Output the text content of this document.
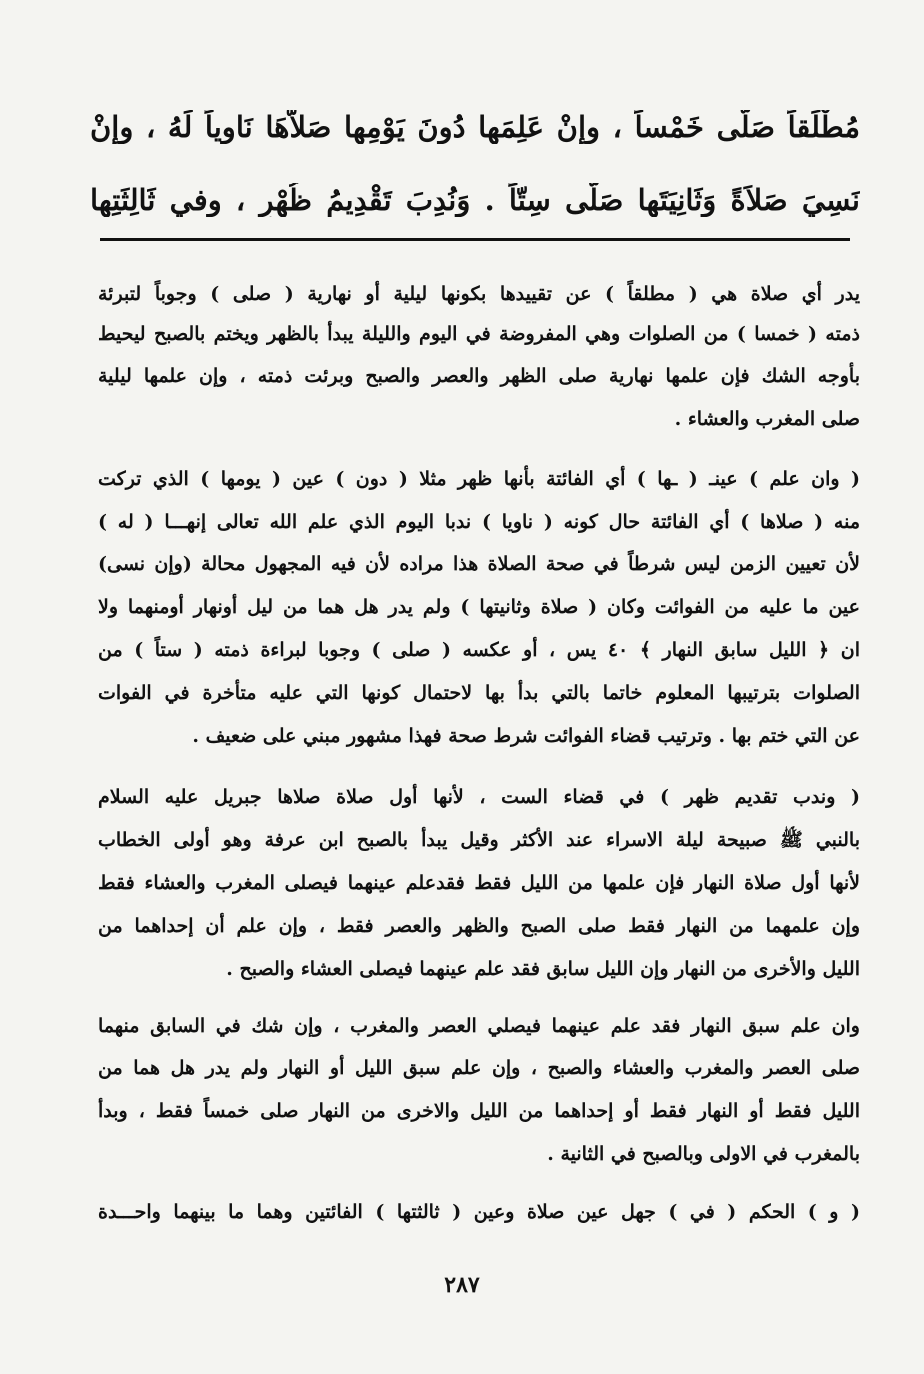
مُطْلَقاً صَلَّى خَمْساً ، وإنْ عَلِمَها دُونَ يَوْمِها صَلاَّهَا نَاوِياً لَهُ ، وإنْ
نَسِيَ صَلاَةً وَثَانِيَتَها صَلَّى سِتّاً . وَنُدِبَ تَقْدِيمُ ظُهْرٍ ، وفي ثَالِثَتِها
يدر أي صلاة هي ( مطلقاً ) عن تقييدها بكونها ليلية أو نهارية ( صلى ) وجوباً لتبرئة
ذمته ( خمسا ) من الصلوات وهي المفروضة في اليوم والليلة يبدأ بالظهر ويختم بالصبح ليحيط
بأوجه الشك فإن علمها نهارية صلى الظهر والعصر والصبح وبرئت ذمته ، وإن علمها ليلية
صلى المغرب والعشاء .
( وان علم ) عينـ ( ـها ) أي الفائتة بأنها ظهر مثلا ( دون ) عين ( يومها ) الذي تركت
منه ( صلاها ) أي الفائتة حال كونه ( ناويا ) ندبا اليوم الذي علم الله تعالى إنهـــا ( له )
لأن تعيين الزمن ليس شرطاً في صحة الصلاة هذا مراده لأن فيه المجهول محالة (وإن نسى)
عين ما عليه من الفوائت وكان ( صلاة وثانيتها ) ولم يدر هل هما من ليل أونهار أومنهما ولا
ان ﴿ الليل سابق النهار ﴾ ٤٠ يس ، أو عكسه ( صلى ) وجوبا لبراءة ذمته ( ستاً ) من
الصلوات بترتيبها المعلوم خاتما بالتي بدأ بها لاحتمال كونها التي عليه متأخرة في الفوات
عن التي ختم بها . وترتيب قضاء الفوائت شرط صحة فهذا مشهور مبني على ضعيف .
( وندب تقديم ظهر ) في قضاء الست ، لأنها أول صلاة صلاها جبريل عليه السلام
بالنبي ﷺ صبيحة ليلة الاسراء عند الأكثر وقيل يبدأ بالصبح ابن عرفة وهو أولى الخطاب
لأنها أول صلاة النهار فإن علمها من الليل فقط فقدعلم عينهما فيصلى المغرب والعشاء فقط
وإن علمهما من النهار فقط صلى الصبح والظهر والعصر فقط ، وإن علم أن إحداهما من
الليل والأخرى من النهار وإن الليل سابق فقد علم عينهما فيصلى العشاء والصبح .
وان علم سبق النهار فقد علم عينهما فيصلي العصر والمغرب ، وإن شك في السابق منهما
صلى العصر والمغرب والعشاء والصبح ، وإن علم سبق الليل أو النهار ولم يدر هل هما من
الليل فقط أو النهار فقط أو إحداهما من الليل والاخرى من النهار صلى خمساً فقط ، وبدأ
بالمغرب في الاولى وبالصبح في الثانية .
( و ) الحكم ( في ) جهل عين صلاة وعين ( ثالثتها ) الفائتين وهما ما بينهما واحـــدة
٢٨٧
